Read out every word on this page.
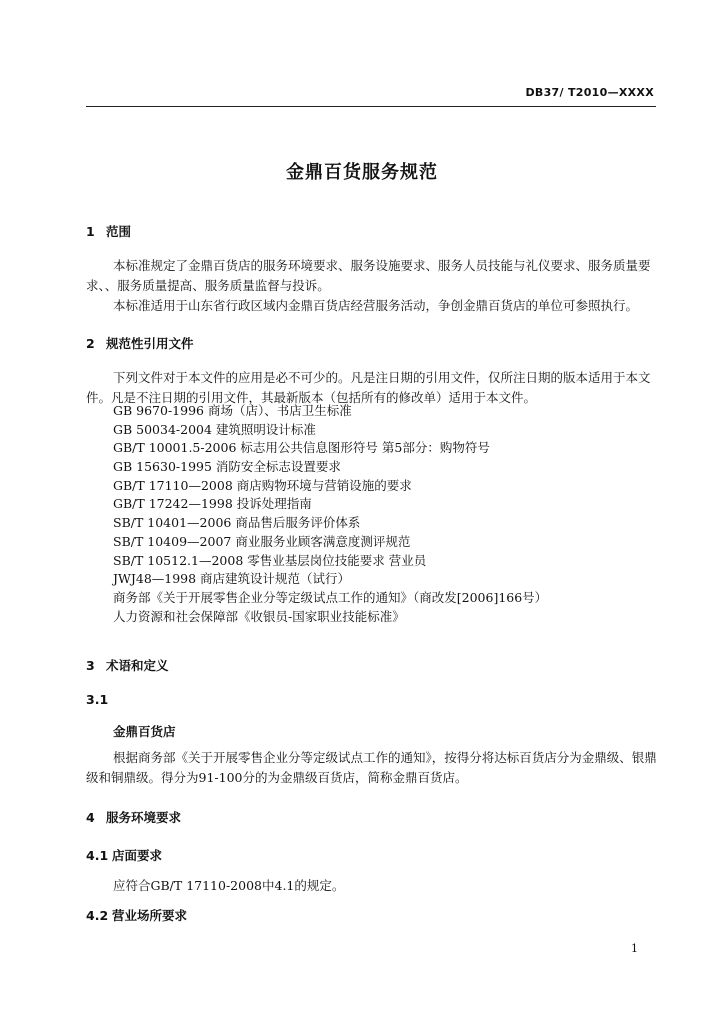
DB37/ T2010—XXXX
金鼎百货服务规范
1 范围
本标准规定了金鼎百货店的服务环境要求、服务设施要求、服务人员技能与礼仪要求、服务质量要求、、服务质量提高、服务质量监督与投诉。
本标准适用于山东省行政区域内金鼎百货店经营服务活动，争创金鼎百货店的单位可参照执行。
2 规范性引用文件
下列文件对于本文件的应用是必不可少的。凡是注日期的引用文件，仅所注日期的版本适用于本文件。凡是不注日期的引用文件，其最新版本（包括所有的修改单）适用于本文件。
GB 9670-1996 商场（店）、书店卫生标准
GB 50034-2004 建筑照明设计标准
GB/T 10001.5-2006 标志用公共信息图形符号 第5部分：购物符号
GB 15630-1995 消防安全标志设置要求
GB/T 17110—2008 商店购物环境与营销设施的要求
GB/T 17242—1998 投诉处理指南
SB/T 10401—2006 商品售后服务评价体系
SB/T 10409—2007 商业服务业顾客满意度测评规范
SB/T 10512.1—2008 零售业基层岗位技能要求 营业员
JWJ48—1998 商店建筑设计规范（试行）
商务部《关于开展零售企业分等定级试点工作的通知》（商改发[2006]166号）
人力资源和社会保障部《收银员-国家职业技能标准》
3 术语和定义
3.1
金鼎百货店
根据商务部《关于开展零售企业分等定级试点工作的通知》，按得分将达标百货店分为金鼎级、银鼎级和铜鼎级。得分为91-100分的为金鼎级百货店，简称金鼎百货店。
4 服务环境要求
4.1 店面要求
应符合GB/T 17110-2008中4.1的规定。
4.2 营业场所要求
1
